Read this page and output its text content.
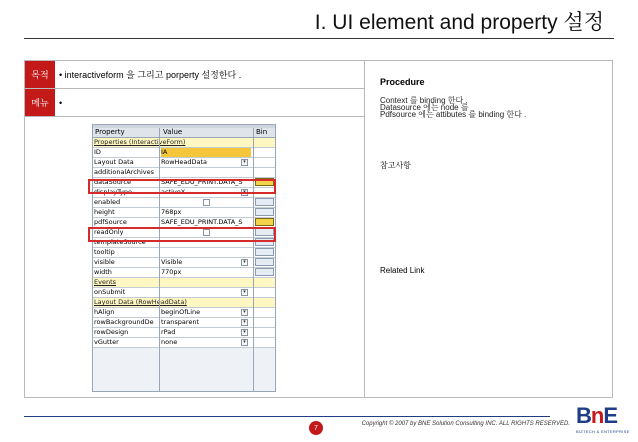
I. UI element and property 설정
목적	• interactiveform 을 그리고 porperty 설정한다 .
메뉴	•
Procedure
Context 를 binding 한다 .
Datasource 에는 node 를
Pdfsource 에는 attibutes 를 binding 한다 .
참고사항
Related Link
Property	Value	Bin
Properties (InteractiveForm)
ID	IA
Layout Data	RowHeadData	▾
additionalArchives
dataSource	SAFE_EDU_PRINT.DATA_S
displayType	activeX	▾
enabled
height	768px
pdfSource	SAFE_EDU_PRINT.DATA_S
readOnly
templateSource
tooltip
visible	Visible	▾
width	770px
Events
onSubmit	▾
Layout Data (RowHeadData)
hAlign	beginOfLine	▾
rowBackgroundDe	transparent	▾
rowDesign	rPad	▾
vGutter	none	▾
7
Copyright © 2007 by BNE Solution Consulting INC. ALL RIGHTS RESERVED. BnE
BIZTECH & ENTERPRISE
